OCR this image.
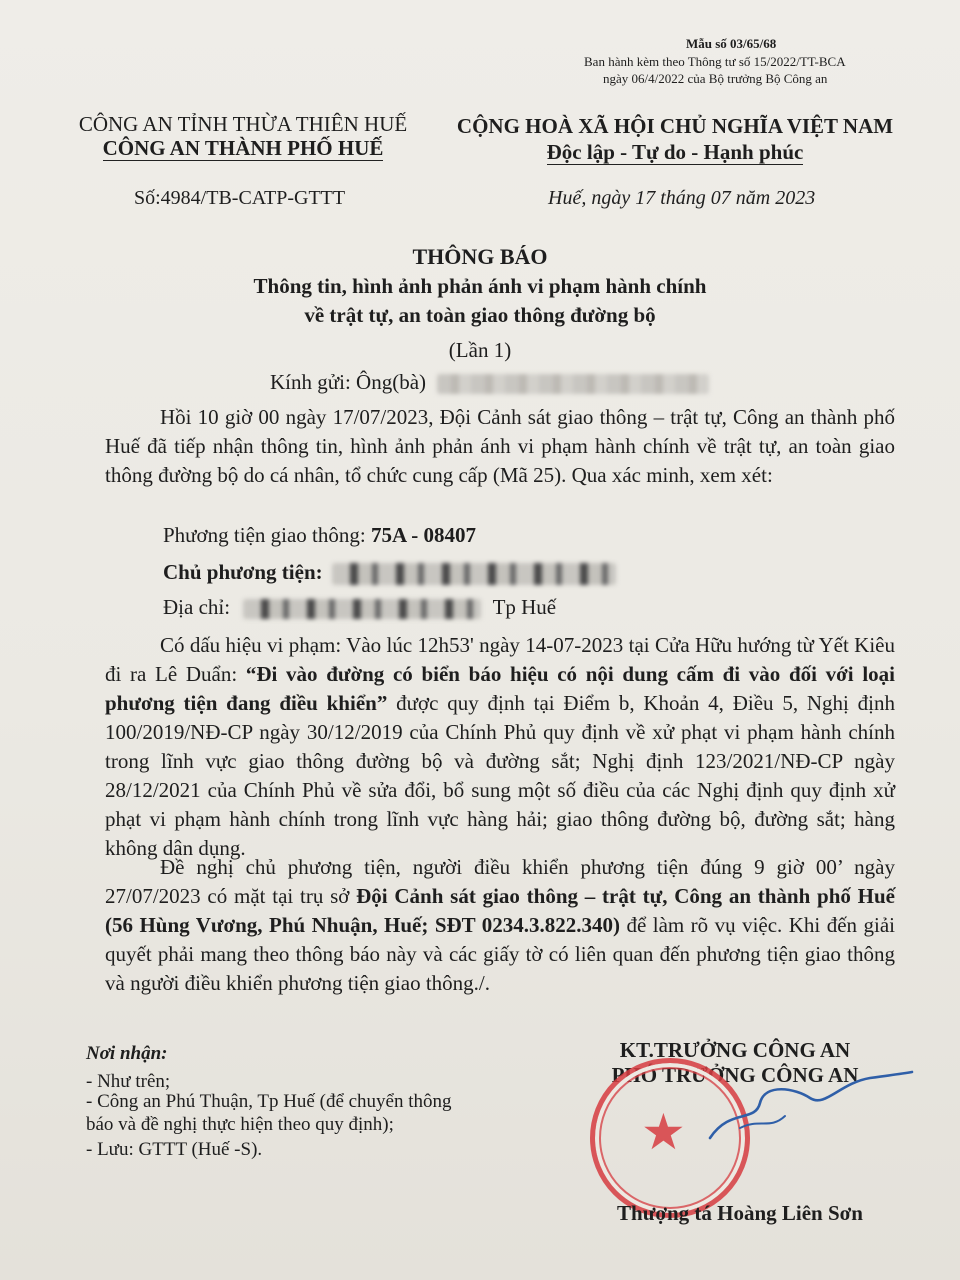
Mẫu số 03/65/68
Ban hành kèm theo Thông tư số 15/2022/TT-BCA
ngày 06/4/2022 của Bộ trưởng Bộ Công an
CÔNG AN TỈNH THỪA THIÊN HUẾ
CÔNG AN THÀNH PHỐ HUẾ
Số:4984/TB-CATP-GTTT
CỘNG HOÀ XÃ HỘI CHỦ NGHĨA VIỆT NAM
Độc lập - Tự do - Hạnh phúc
Huế, ngày 17 tháng 07 năm 2023
THÔNG BÁO
Thông tin, hình ảnh phản ánh vi phạm hành chính
về trật tự, an toàn giao thông đường bộ
(Lần 1)
Kính gửi: Ông(bà)
Hồi 10 giờ 00 ngày 17/07/2023, Đội Cảnh sát giao thông – trật tự, Công an thành phố Huế đã tiếp nhận thông tin, hình ảnh phản ánh vi phạm hành chính về trật tự, an toàn giao thông đường bộ do cá nhân, tổ chức cung cấp (Mã 25). Qua xác minh, xem xét:
Phương tiện giao thông: 75A - 08407
Chủ phương tiện:
Địa chỉ:	Tp Huế
Có dấu hiệu vi phạm: Vào lúc 12h53' ngày 14-07-2023 tại Cửa Hữu hướng từ Yết Kiêu đi ra Lê Duẩn: “Đi vào đường có biển báo hiệu có nội dung cấm đi vào đối với loại phương tiện đang điều khiển” được quy định tại Điểm b, Khoản 4, Điều 5, Nghị định 100/2019/NĐ-CP ngày 30/12/2019 của Chính Phủ quy định về xử phạt vi phạm hành chính trong lĩnh vực giao thông đường bộ và đường sắt; Nghị định 123/2021/NĐ-CP ngày 28/12/2021 của Chính Phủ về sửa đổi, bổ sung một số điều của các Nghị định quy định xử phạt vi phạm hành chính trong lĩnh vực hàng hải; giao thông đường bộ, đường sắt; hàng không dân dụng.
Đề nghị chủ phương tiện, người điều khiển phương tiện đúng 9 giờ 00’ ngày 27/07/2023 có mặt tại trụ sở Đội Cảnh sát giao thông – trật tự, Công an thành phố Huế (56 Hùng Vương, Phú Nhuận, Huế; SĐT 0234.3.822.340) để làm rõ vụ việc. Khi đến giải quyết phải mang theo thông báo này và các giấy tờ có liên quan đến phương tiện giao thông và người điều khiển phương tiện giao thông./.
Nơi nhận:
- Như trên;
- Công an Phú Thuận, Tp Huế (để chuyển thông
báo và đề nghị thực hiện theo quy định);
- Lưu: GTTT (Huế -S).
KT.TRƯỞNG CÔNG AN
PHÓ TRƯỞNG CÔNG AN
★
Thượng tá Hoàng Liên Sơn
